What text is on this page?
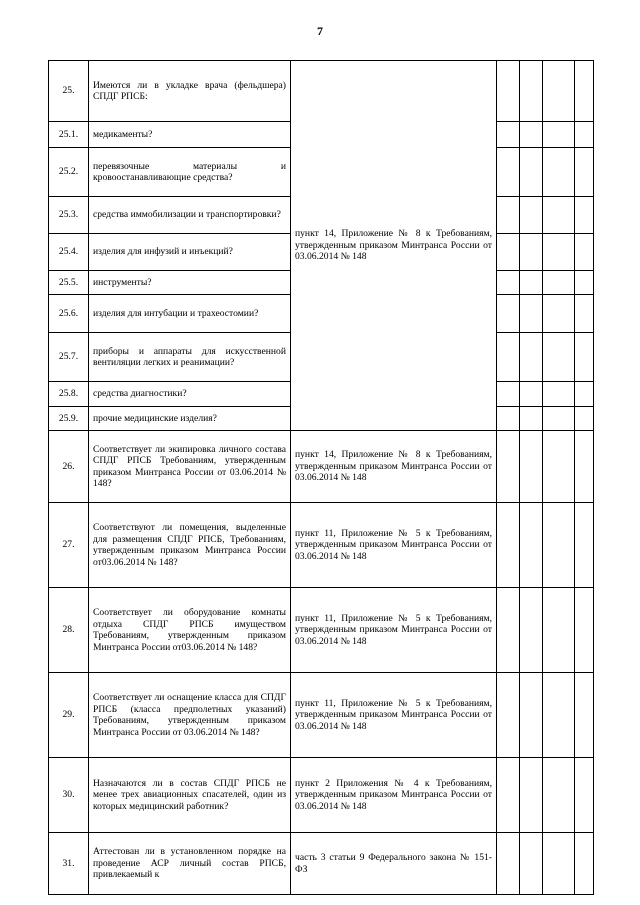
7
25.	Имеются ли в укладке врача (фельдшера) СПДГ РПСБ:	пункт 14, Приложение № 8 к Требованиям, утвержденным приказом Минтранса России от 03.06.2014 № 148				
25.1.	медикаменты?					
25.2.	перевязочные материалы и кровоостанавливающие средства?					
25.3.	средства иммобилизации и транспортировки?					
25.4.	изделия для инфузий и инъекций?					
25.5.	инструменты?					
25.6.	изделия для интубации и трахеостомии?					
25.7.	приборы и аппараты для искусственной вентиляции легких и реанимации?					
25.8.	средства диагностики?					
25.9.	прочие медицинские изделия?					
26.	Соответствует ли экипировка личного состава СПДГ РПСБ Требованиям, утвержденным приказом Минтранса России от 03.06.2014 № 148?	пункт 14, Приложение № 8 к Требованиям, утвержденным приказом Минтранса России от 03.06.2014 № 148				
27.	Соответствуют ли помещения, выделенные для размещения СПДГ РПСБ, Требованиям, утвержденным приказом Минтранса России от03.06.2014 № 148?	пункт 11, Приложение № 5 к Требованиям, утвержденным приказом Минтранса России от 03.06.2014 № 148				
28.	Соответствует ли оборудование комнаты отдыха СПДГ РПСБ имуществом Требованиям, утвержденным приказом Минтранса России от03.06.2014 № 148?	пункт 11, Приложение № 5 к Требованиям, утвержденным приказом Минтранса России от 03.06.2014 № 148				
29.	Соответствует ли оснащение класса для СПДГ РПСБ (класса предполетных указаний) Требованиям, утвержденным приказом Минтранса России от 03.06.2014 № 148?	пункт 11, Приложение № 5 к Требованиям, утвержденным приказом Минтранса России от 03.06.2014 № 148				
30.	Назначаются ли в состав СПДГ РПСБ не менее трех авиационных спасателей, один из которых медицинский работник?	пункт 2 Приложения № 4 к Требованиям, утвержденным приказом Минтранса России от 03.06.2014 № 148				
31.	Аттестован ли в установленном порядке на проведение АСР личный состав РПСБ, привлекаемый к	часть 3 статьи 9 Федерального закона № 151-ФЗ				
